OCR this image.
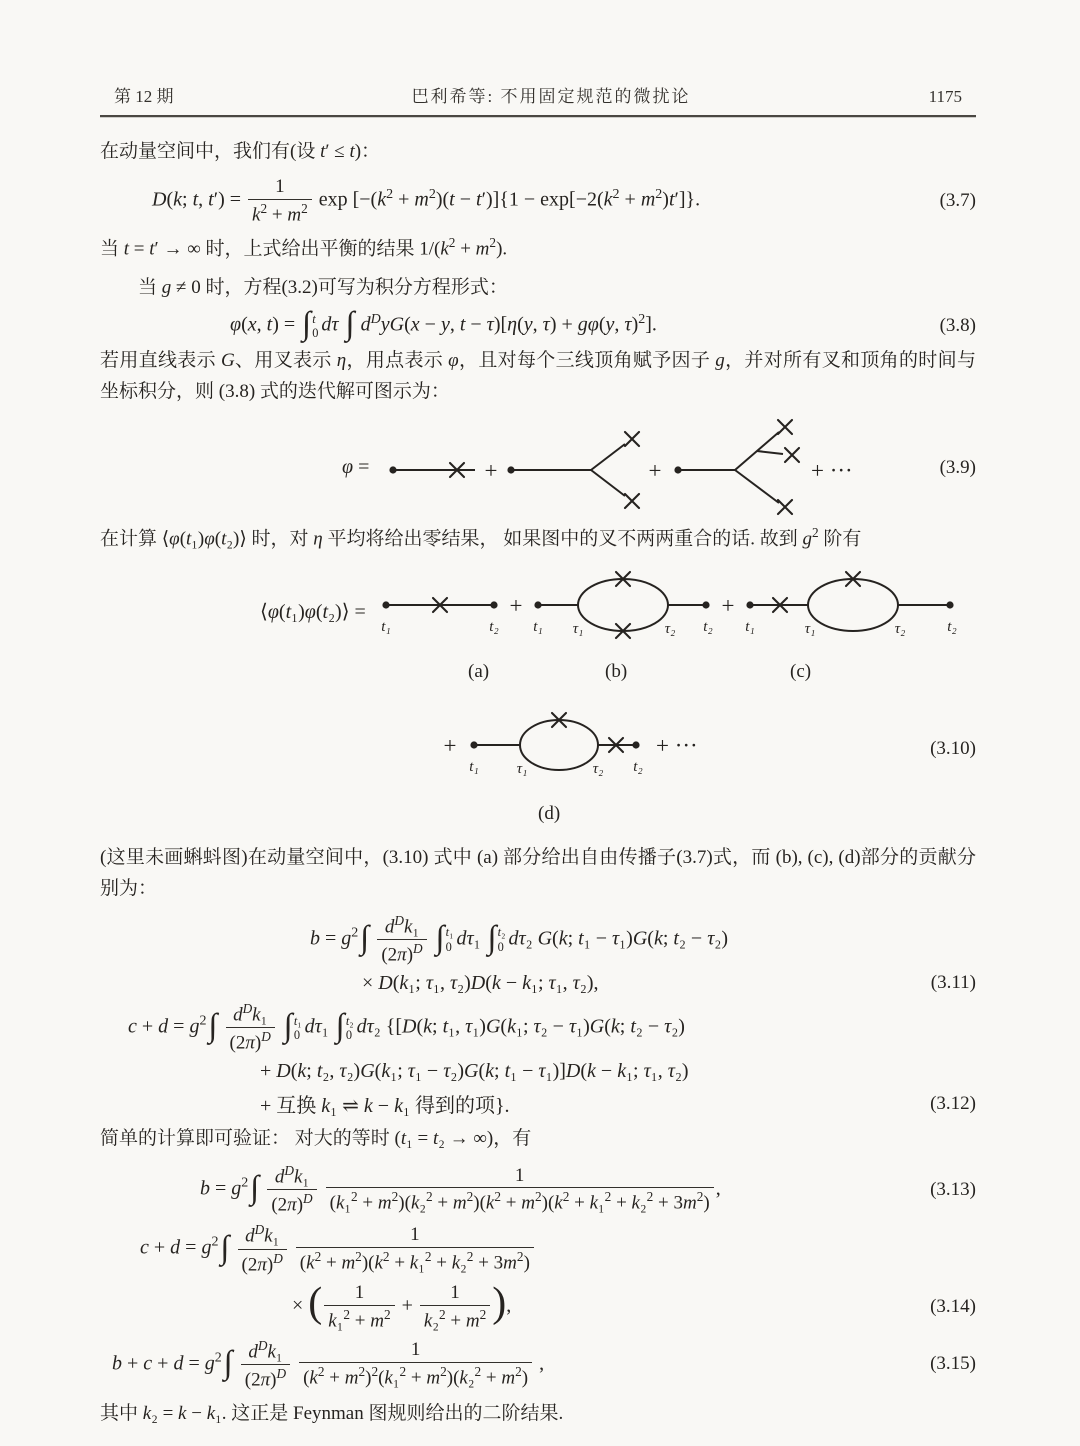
第 12 期	巴利希等: 不用固定规范的微扰论	1175

在动量空间中，我们有(设 t′ ≤ t)：

D(k; t, $t') = \frac{1}{k^2 + m^2}$ $\exp [-(k^2 + m^2)(t - t')]\{1 - \exp[-2(k^2 + m^2)t']\}$.	(3.7)

当 t = t′ → ∞ 时，上式给出平衡的结果 $1/(k^2 + m^2)$.

当 g ≠ 0 时，方程(3.2)可写为积分方程形式：

φ(x, t) = ∫ t
0 dτ ∫ $d^DyG(x - y$, t − τ)[η(y, τ) + gφ(y, τ)$^2$].	(3.8)

若用直线表示 G、用叉表示 η，用点表示 φ，且对每个三线顶角赋予因子 g，并对所有叉和顶角的时间与坐标积分，则 (3.8) 式的迭代解可图示为：

φ =	+	+	+ ···	(3.9)

在计算 ⟨φ(t₁)φ(t₂)⟩ 时，对 η 平均将给出零结果， 如果图中的叉不两两重合的话. 故到 $g^2$ 阶有

⟨φ(t₁)φ(t₂)⟩ =
t₁	t₂
+
t₁ τ₁	τ₂ t₂
+
t₁	τ₁	τ₂	t₂
(a)	(b)	(c)
+
t₁	τ₁	τ₂ t₂
+ ···	(3.10)
(d)

(这里未画蝌蚪图)在动量空间中，(3.10) 式中 (a) 部分给出自由传播子(3.7)式，而 (b), (c), (d)部分的贡献分别为：

$b = g^2\int$ $d^Dk_1$
$(2\pi)^D$ ∫ t₁
0 dτ₁ ∫ t₂
0 dτ₂ G(k; t₁ − τ₁)G(k; t₂ − τ₂)
× D(k₁; τ₁, τ₂)D(k − k₁; τ₁, τ₂),	(3.11)
$c + d = g^2\int$ $d^Dk_1$
$(2\pi)^D$ ∫ t₁
0 dτ₁ ∫ t₂
0 dτ₂ {[D(k; t₁, τ₁)G(k₁; τ₂ − τ₁)G(k; t₂ − τ₂)
+ D(k; t₂, τ₂)G(k₁; τ₁ − τ₂)G(k; t₁ − τ₁)]D(k − k₁; τ₁, τ₂)
+ 互换 k₁ ⇌ k − k₁ 得到的项}.	(3.12)

简单的计算即可验证： 对大的等时 (t₁ = t₂ → ∞)，有

$b = g^2\int$ $d^Dk_1$
$(2\pi)^D$
$\frac{1}{(k_1^2 + m^2)(k_2^2 + m^2)(k^2 + m^2)(k^2 + k_1^2 + k_2^2 + 3m^2)}$ ,	(3.13)
$c + d = g^2\int$ $d^Dk_1$
$(2\pi)^D$
$\frac{1}{(k^2 + m^2)(k^2 + k_1^2 + k_2^2 + 3m^2)}$
× ( $\frac{1}{k_1^2 + m^2} + \frac{1}{k_2^2 + m^2}$ ),	(3.14)
$b + c + d = g^2\int$ $d^Dk_1$
$(2\pi)^D$
$\frac{1}{(k^2 + m^2)^2(k_1^2 + m^2)(k_2^2 + m^2)}$ ,	(3.15)

其中 k₂ = k − k₁. 这正是 Feynman 图规则给出的二阶结果.
